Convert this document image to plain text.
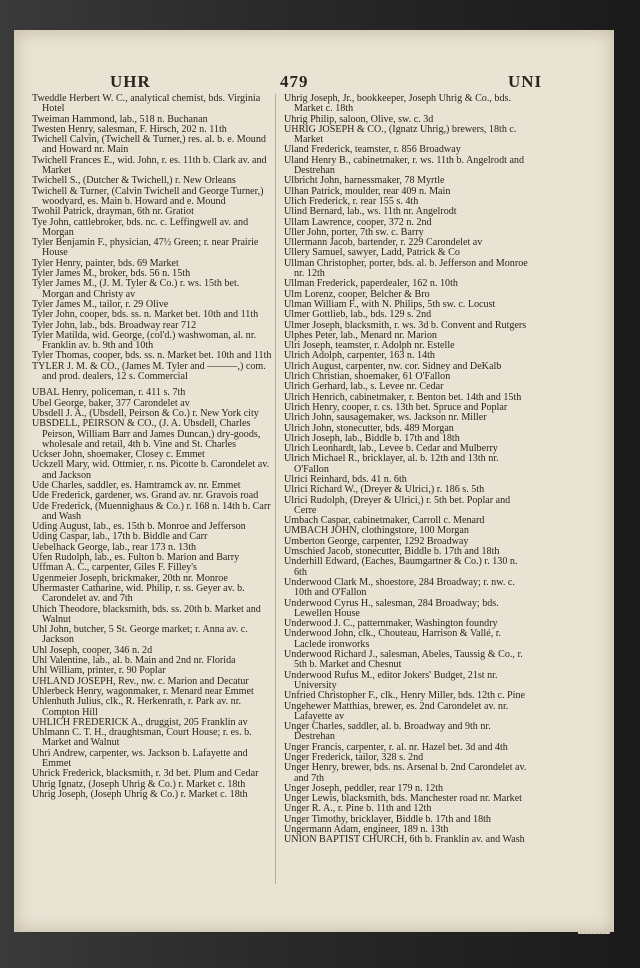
UHR	479	UNI

Tweddle Herbert W. C., analytical chemist, bds. Virginia Hotel

Tweiman Hammond, lab., 518 n. Buchanan

Twesten Henry, salesman, F. Hirsch, 202 n. 11th

Twichell Calvin, (Twichell & Turner,) res. al. b. e. Mound and Howard nr. Main

Twichell Frances E., wid. John, r. es. 11th b. Clark av. and Market

Twichell S., (Dutcher & Twichell,) r. New Orleans

Twichell & Turner, (Calvin Twichell and George Turner,) woodyard, es. Main b. Howard and e. Mound

Twohil Patrick, drayman, 6th nr. Gratiot

Tye John, cattlebroker, bds. nc. c. Leffingwell av. and Morgan

Tyler Benjamin F., physician, 47½ Green; r. near Prairie House

Tyler Henry, painter, bds. 69 Market

Tyler James M., broker, bds. 56 n. 15th

Tyler James M., (J. M. Tyler & Co.) r. ws. 15th bet. Morgan and Christy av

Tyler James M., tailor, r. 29 Olive

Tyler John, cooper, bds. ss. n. Market bet. 10th and 11th

Tyler John, lab., bds. Broadway rear 712

Tyler Matilda, wid. George, (col'd.) washwoman, al. nr. Franklin av. b. 9th and 10th

Tyler Thomas, cooper, bds. ss. n. Market bet. 10th and 11th

TYLER J. M. & CO., (James M. Tyler and ———,) com. and prod. dealers, 12 s. Commercial

UBAL Henry, policeman, r. 411 s. 7th

Ubel George, baker, 377 Carondelet av

Ubsdell J. A., (Ubsdell, Peirson & Co.) r. New York city

UBSDELL, PEIRSON & CO., (J. A. Ubsdell, Charles Peirson, William Barr and James Duncan,) dry-goods, wholesale and retail, 4th b. Vine and St. Charles

Uckser John, shoemaker, Closey c. Emmet

Uckzell Mary, wid. Ottmier, r. ns. Picotte b. Carondelet av. and Jackson

Ude Charles, saddler, es. Hamtramck av. nr. Emmet

Ude Frederick, gardener, ws. Grand av. nr. Gravois road

Ude Frederick, (Muennighaus & Co.) r. 168 n. 14th b. Carr and Wash

Uding August, lab., es. 15th b. Monroe and Jefferson

Uding Caspar, lab., 17th b. Biddle and Carr

Uebelhack George, lab., rear 173 n. 13th

Ufen Rudolph, lab., es. Fulton b. Marion and Barry

Uffman A. C., carpenter, Giles F. Filley's

Ugenmeier Joseph, brickmaker, 20th nr. Monroe

Uhermaster Catharine, wid. Philip, r. ss. Geyer av. b. Carondelet av. and 7th

Uhich Theodore, blacksmith, bds. ss. 20th b. Market and Walnut

Uhl John, butcher, 5 St. George market; r. Anna av. c. Jackson

Uhl Joseph, cooper, 346 n. 2d

Uhl Valentine, lab., al. b. Main and 2nd nr. Florida

Uhl William, printer, r. 90 Poplar

UHLAND JOSEPH, Rev., nw. c. Marion and Decatur

Uhlerbeck Henry, wagonmaker, r. Menard near Emmet

Uhlenhuth Julius, clk., R. Herkenrath, r. Park av. nr. Compton Hill

UHLICH FREDERICK A., druggist, 205 Franklin av

Uhlmann C. T. H., draughtsman, Court House; r. es. b. Market and Walnut

Uhri Andrew, carpenter, ws. Jackson b. Lafayette and Emmet

Uhrick Frederick, blacksmith, r. 3d bet. Plum and Cedar

Uhrig Ignatz, (Joseph Uhrig & Co.) r. Market c. 18th

Uhrig Joseph, (Joseph Uhrig & Co.) r. Market c. 18th

Uhrig Joseph, Jr., bookkeeper, Joseph Uhrig & Co., bds. Market c. 18th

Uhrig Philip, saloon, Olive, sw. c. 3d

UHRIG JOSEPH & CO., (Ignatz Uhrig,) brewers, 18th c. Market

Uland Frederick, teamster, r. 856 Broadway

Uland Henry B., cabinetmaker, r. ws. 11th b. Angelrodt and Destrehan

Ulbricht John, harnessmaker, 78 Myrtle

Ulhan Patrick, moulder, rear 409 n. Main

Ulich Frederick, r. rear 155 s. 4th

Ulind Bernard, lab., ws. 11th nr. Angelrodt

Ullam Lawrence, cooper, 372 n. 2nd

Uller John, porter, 7th sw. c. Barry

Ullermann Jacob, bartender, r. 229 Carondelet av

Ullery Samuel, sawyer, Ladd, Patrick & Co

Ullman Christopher, porter, bds. al. b. Jefferson and Monroe nr. 12th

Ullman Frederick, paperdealer, 162 n. 10th

Ulm Lorenz, cooper, Belcher & Bro

Ulman William F., with N. Philips, 5th sw. c. Locust

Ulmer Gottlieb, lab., bds. 129 s. 2nd

Ulmer Joseph, blacksmith, r. ws. 3d b. Convent and Rutgers

Ulphes Peter, lab., Menard nr. Marion

Ulri Joseph, teamster, r. Adolph nr. Estelle

Ulrich Adolph, carpenter, 163 n. 14th

Ulrich August, carpenter, nw. cor. Sidney and DeKalb

Ulrich Christian, shoemaker, 61 O'Fallon

Ulrich Gerhard, lab., s. Levee nr. Cedar

Ulrich Henrich, cabinetmaker, r. Benton bet. 14th and 15th

Ulrich Henry, cooper, r. cs. 13th bet. Spruce and Poplar

Ulrich John, sausagemaker, ws. Jackson nr. Miller

Ulrich John, stonecutter, bds. 489 Morgan

Ulrich Joseph, lab., Biddle b. 17th and 18th

Ulrich Leonhardt, lab., Levee b. Cedar and Mulberry

Ulrich Michael R., bricklayer, al. b. 12th and 13th nr. O'Fallon

Ulrici Reinhard, bds. 41 n. 6th

Ulrici Richard W., (Dreyer & Ulrici,) r. 186 s. 5th

Ulrici Rudolph, (Dreyer & Ulrici,) r. 5th bet. Poplar and Cerre

Umbach Caspar, cabinetmaker, Carroll c. Menard

UMBACH JOHN, clothingstore, 100 Morgan

Umberton George, carpenter, 1292 Broadway

Umschied Jacob, stonecutter, Biddle b. 17th and 18th

Underhill Edward, (Eaches, Baumgartner & Co.) r. 130 n. 6th

Underwood Clark M., shoestore, 284 Broadway; r. nw. c. 10th and O'Fallon

Underwood Cyrus H., salesman, 284 Broadway; bds. Lewellen House

Underwood J. C., patternmaker, Washington foundry

Underwood John, clk., Chouteau, Harrison & Vallé, r. Laclede ironworks

Underwood Richard J., salesman, Abeles, Taussig & Co., r. 5th b. Market and Chesnut

Underwood Rufus M., editor Jokers' Budget, 21st nr. University

Unfried Christopher F., clk., Henry Miller, bds. 12th c. Pine

Ungehewer Matthias, brewer, es. 2nd Carondelet av. nr. Lafayette av

Unger Charles, saddler, al. b. Broadway and 9th nr. Destrehan

Unger Francis, carpenter, r. al. nr. Hazel bet. 3d and 4th

Unger Frederick, tailor, 328 s. 2nd

Unger Henry, brewer, bds. ns. Arsenal b. 2nd Carondelet av. and 7th

Unger Joseph, peddler, rear 179 n. 12th

Unger Lewis, blacksmith, bds. Manchester road nr. Market

Unger R. A., r. Pine b. 11th and 12th

Unger Timothy, bricklayer, Biddle b. 17th and 18th

Ungermann Adam, engineer, 189 n. 13th

UNION BAPTIST CHURCH, 6th b. Franklin av. and Wash
